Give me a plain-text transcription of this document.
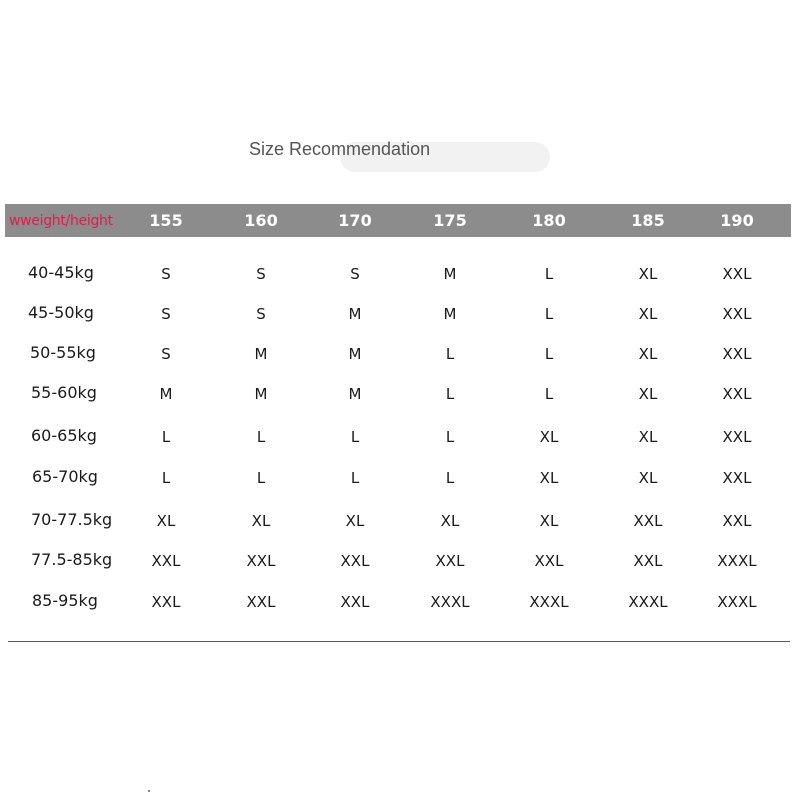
Size Recommendation
wweight/height	155	160	170	175	180	185	190
40-45kg	S	S	S	M	L	XL	XXL
45-50kg	S	S	M	M	L	XL	XXL
50-55kg	S	M	M	L	L	XL	XXL
55-60kg	M	M	M	L	L	XL	XXL
60-65kg	L	L	L	L	XL	XL	XXL
65-70kg	L	L	L	L	XL	XL	XXL
70-77.5kg	XL	XL	XL	XL	XL	XXL	XXL
77.5-85kg	XXL	XXL	XXL	XXL	XXL	XXL	XXXL
85-95kg	XXL	XXL	XXL	XXXL	XXXL	XXXL	XXXL
